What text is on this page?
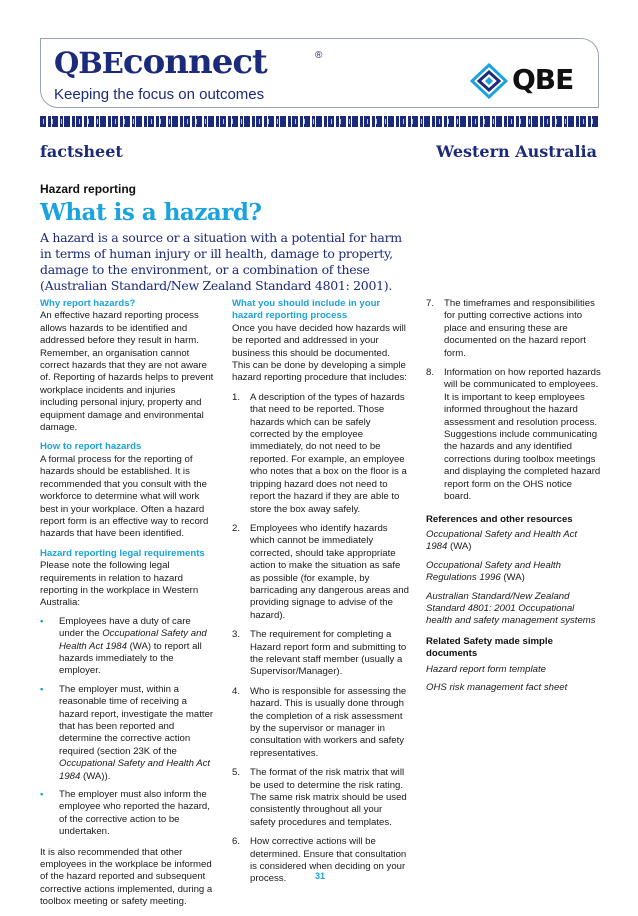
QBEconnect	®
Keeping the focus on outcomes	QBE
factsheet	Western Australia
Hazard reporting
What is a hazard?
A hazard is a source or a situation with a potential for harm in terms of human injury or ill health, damage to property, damage to the environment, or a combination of these (Australian Standard/New Zealand Standard 4801: 2001).

Why report hazards?

An effective hazard reporting process allows hazards to be identified and addressed before they result in harm. Remember, an organisation cannot correct hazards that they are not aware of. Reporting of hazards helps to prevent workplace incidents and injuries including personal injury, property and equipment damage and environmental damage.

How to report hazards

A formal process for the reporting of hazards should be established. It is recommended that you consult with the workforce to determine what will work best in your workplace. Often a hazard report form is an effective way to record hazards that have been identified.

Hazard reporting legal requirements

Please note the following legal requirements in relation to hazard reporting in the workplace in Western Australia:

• Employees have a duty of care under the Occupational Safety and Health Act 1984 (WA) to report all hazards immediately to the employer.
• The employer must, within a reasonable time of receiving a hazard report, investigate the matter that has been reported and determine the corrective action required (section 23K of the Occupational Safety and Health Act 1984 (WA)).
• The employer must also inform the employee who reported the hazard, of the corrective action to be undertaken.

It is also recommended that other employees in the workplace be informed of the hazard reported and subsequent corrective actions implemented, during a toolbox meeting or safety meeting.

What you should include in your hazard reporting process

Once you have decided how hazards will be reported and addressed in your business this should be documented. This can be done by developing a simple hazard reporting procedure that includes:

1. A description of the types of hazards that need to be reported. Those hazards which can be safely corrected by the employee immediately, do not need to be reported. For example, an employee who notes that a box on the floor is a tripping hazard does not need to report the hazard if they are able to store the box away safely.
2. Employees who identify hazards which cannot be immediately corrected, should take appropriate action to make the situation as safe as possible (for example, by barricading any dangerous areas and providing signage to advise of the hazard).
3. The requirement for completing a Hazard report form and submitting to the relevant staff member (usually a Supervisor/Manager).
4. Who is responsible for assessing the hazard. This is usually done through the completion of a risk assessment by the supervisor or manager in consultation with workers and safety representatives.
5. The format of the risk matrix that will be used to determine the risk rating. The same risk matrix should be used consistently throughout all your safety procedures and templates.
6. How corrective actions will be determined. Ensure that consultation is considered when deciding on your process.
7. The timeframes and responsibilities for putting corrective actions into place and ensuring these are documented on the hazard report form.
8. Information on how reported hazards will be communicated to employees. It is important to keep employees informed throughout the hazard assessment and resolution process. Suggestions include communicating the hazards and any identified corrections during toolbox meetings and displaying the completed hazard report form on the OHS notice board.

References and other resources

Occupational Safety and Health Act 1984 (WA)

Occupational Safety and Health Regulations 1996 (WA)

Australian Standard/New Zealand Standard 4801: 2001 Occupational health and safety management systems

Related Safety made simple documents

Hazard report form template

OHS risk management fact sheet

31
